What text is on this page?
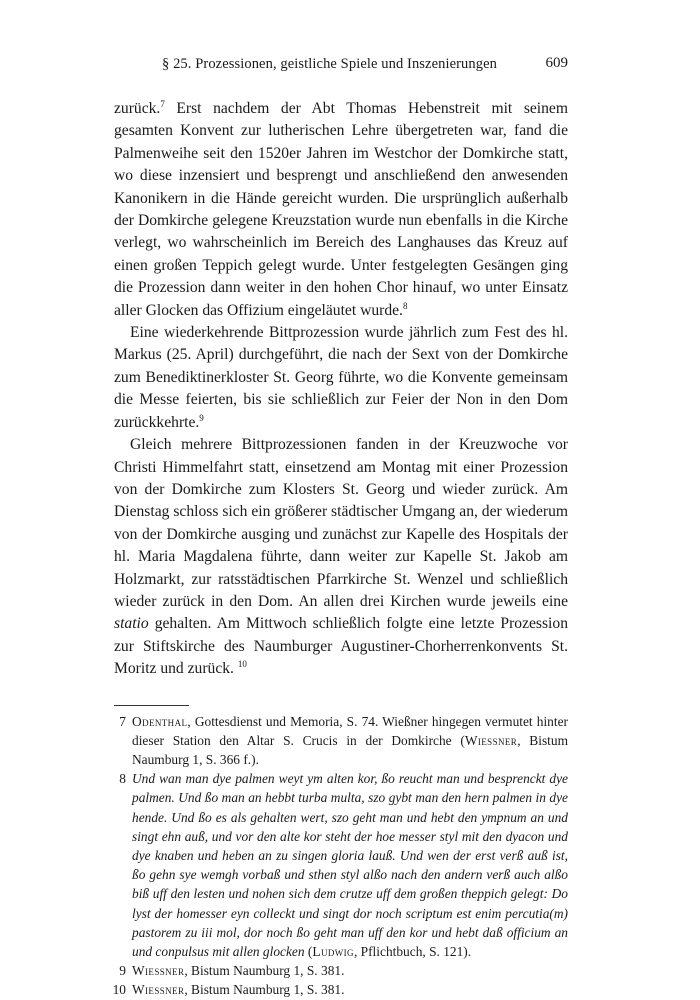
§ 25. Prozessionen, geistliche Spiele und Inszenierungen	609

zurück.$^7$ Erst nachdem der Abt Thomas Hebenstreit mit seinem gesamten Konvent zur lutherischen Lehre übergetreten war, fand die Palmenweihe seit den 1520er Jahren im Westchor der Domkirche statt, wo diese inzensiert und besprengt und anschließend den anwesenden Kanonikern in die Hände gereicht wurden. Die ursprünglich außerhalb der Domkirche gelegene Kreuzstation wurde nun ebenfalls in die Kirche verlegt, wo wahrscheinlich im Bereich des Langhauses das Kreuz auf einen großen Teppich gelegt wurde. Unter festgelegten Gesängen ging die Prozession dann weiter in den hohen Chor hinauf, wo unter Einsatz aller Glocken das Offizium eingeläutet wurde.$^8$

Eine wiederkehrende Bittprozession wurde jährlich zum Fest des hl. Markus (25. April) durchgeführt, die nach der Sext von der Domkirche zum Benediktinerkloster St. Georg führte, wo die Konvente gemeinsam die Messe feierten, bis sie schließlich zur Feier der Non in den Dom zurückkehrte.$^9$

Gleich mehrere Bittprozessionen fanden in der Kreuzwoche vor Christi Himmelfahrt statt, einsetzend am Montag mit einer Prozession von der Domkirche zum Klosters St. Georg und wieder zurück. Am Dienstag schloss sich ein größerer städtischer Umgang an, der wiederum von der Domkirche ausging und zunächst zur Kapelle des Hospitals der hl. Maria Magdalena führte, dann weiter zur Kapelle St. Jakob am Holzmarkt, zur ratsstädtischen Pfarrkirche St. Wenzel und schließlich wieder zurück in den Dom. An allen drei Kirchen wurde jeweils eine statio gehalten. Am Mittwoch schließlich folgte eine letzte Prozession zur Stiftskirche des Naumburger Augustiner-Chorherrenkonvents St. Moritz und zurück. $^{10}$

7 Odenthal, Gottesdienst und Memoria, S. 74. Wießner hingegen vermutet hinter dieser Station den Altar S. Crucis in der Domkirche (Wiessner, Bistum Naumburg 1, S. 366 f.).
8 Und wan man dye palmen weyt ym alten kor, ßo reucht man und besprenckt dye palmen. Und ßo man an hebbt turba multa, szo gybt man den hern palmen in dye hende. Und ßo es als gehalten wert, szo geht man und hebt den ympnum an und singt ehn auß, und vor den alte kor steht der hoe messer styl mit den dyacon und dye knaben und heben an zu singen gloria lauß. Und wen der erst verß auß ist, ßo gehn sye wemgh vorbaß und sthen styl alßo nach den andern verß auch alßo biß uff den lesten und nohen sich dem crutze uff dem großen theppich gelegt: Do lyst der homesser eyn colleckt und singt dor noch scriptum est enim percutia(m) pastorem zu iii mol, dor noch ßo geht man uff den kor und hebt daß officium an und conpulsus mit allen glocken (Ludwig, Pflichtbuch, S. 121).
9 Wiessner, Bistum Naumburg 1, S. 381.
10 Wiessner, Bistum Naumburg 1, S. 381.
